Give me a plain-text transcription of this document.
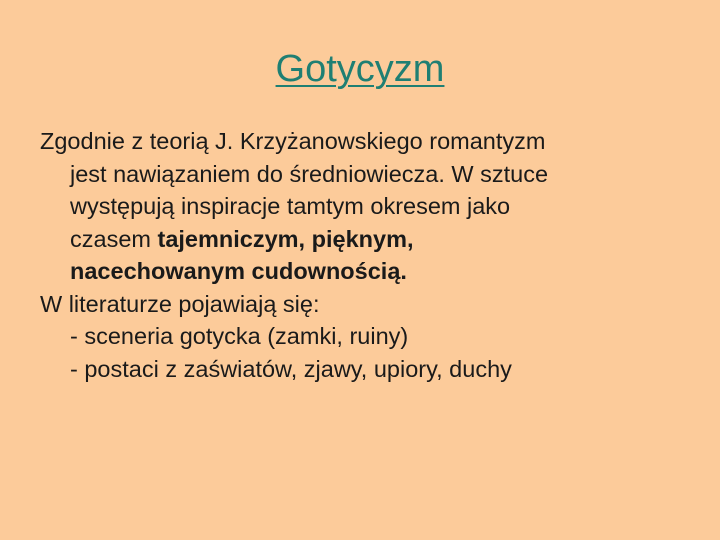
Gotycyzm
Zgodnie z teorią J. Krzyżanowskiego romantyzm
jest nawiązaniem do średniowiecza. W sztuce
występują inspiracje tamtym okresem jako
czasem tajemniczym, pięknym,
nacechowanym cudownością.
W literaturze pojawiają się:
- sceneria gotycka (zamki, ruiny)
- postaci z zaświatów, zjawy, upiory, duchy
